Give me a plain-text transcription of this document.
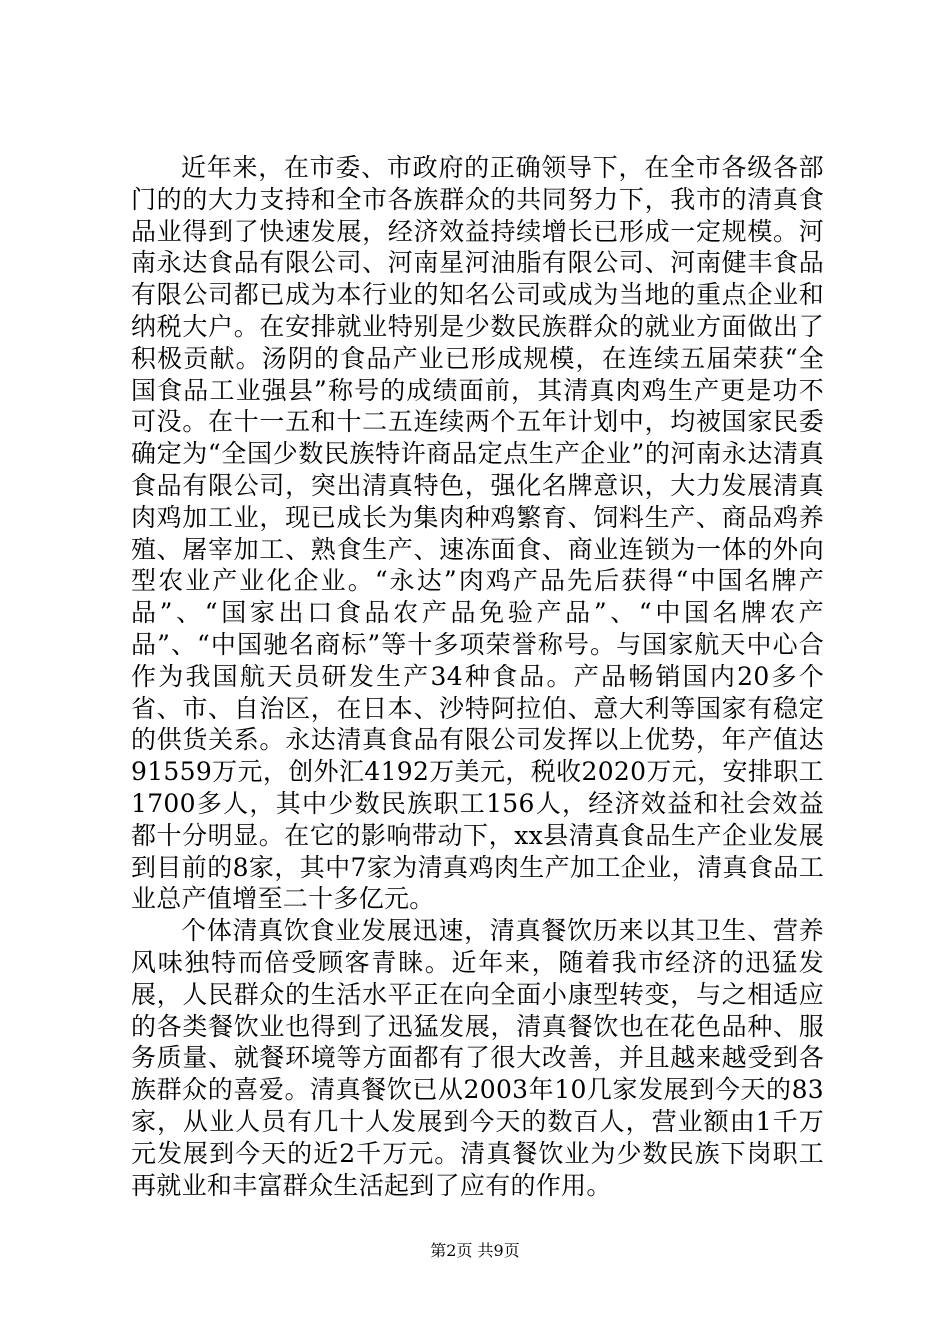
近年来，在市委、市政府的正确领导下，在全市各级各部门的的大力支持和全市各族群众的共同努力下，我市的清真食品业得到了快速发展，经济效益持续增长已形成一定规模。河南永达食品有限公司、河南星河油脂有限公司、河南健丰食品有限公司都已成为本行业的知名公司或成为当地的重点企业和纳税大户。在安排就业特别是少数民族群众的就业方面做出了积极贡献。汤阴的食品产业已形成规模，在连续五届荣获“全国食品工业强县”称号的成绩面前，其清真肉鸡生产更是功不可没。在十一五和十二五连续两个五年计划中，均被国家民委确定为“全国少数民族特许商品定点生产企业”的河南永达清真食品有限公司，突出清真特色，强化名牌意识，大力发展清真肉鸡加工业，现已成长为集肉种鸡繁育、饲料生产、商品鸡养殖、屠宰加工、熟食生产、速冻面食、商业连锁为一体的外向型农业产业化企业。“永达”肉鸡产品先后获得“中国名牌产品”、“国家出口食品农产品免验产品”、“中国名牌农产品”、“中国驰名商标”等十多项荣誉称号。与国家航天中心合作为我国航天员研发生产34种食品。产品畅销国内20多个省、市、自治区，在日本、沙特阿拉伯、意大利等国家有稳定的供货关系。永达清真食品有限公司发挥以上优势，年产值达91559万元，创外汇4192万美元，税收2020万元，安排职工1700多人，其中少数民族职工156人，经济效益和社会效益都十分明显。在它的影响带动下，xx县清真食品生产企业发展到目前的8家，其中7家为清真鸡肉生产加工企业，清真食品工业总产值增至二十多亿元。

个体清真饮食业发展迅速，清真餐饮历来以其卫生、营养风味独特而倍受顾客青睐。近年来，随着我市经济的迅猛发展，人民群众的生活水平正在向全面小康型转变，与之相适应的各类餐饮业也得到了迅猛发展，清真餐饮也在花色品种、服务质量、就餐环境等方面都有了很大改善，并且越来越受到各族群众的喜爱。清真餐饮已从2003年10几家发展到今天的83家，从业人员有几十人发展到今天的数百人，营业额由1千万元发展到今天的近2千万元。清真餐饮业为少数民族下岗职工再就业和丰富群众生活起到了应有的作用。

第2页 共9页
